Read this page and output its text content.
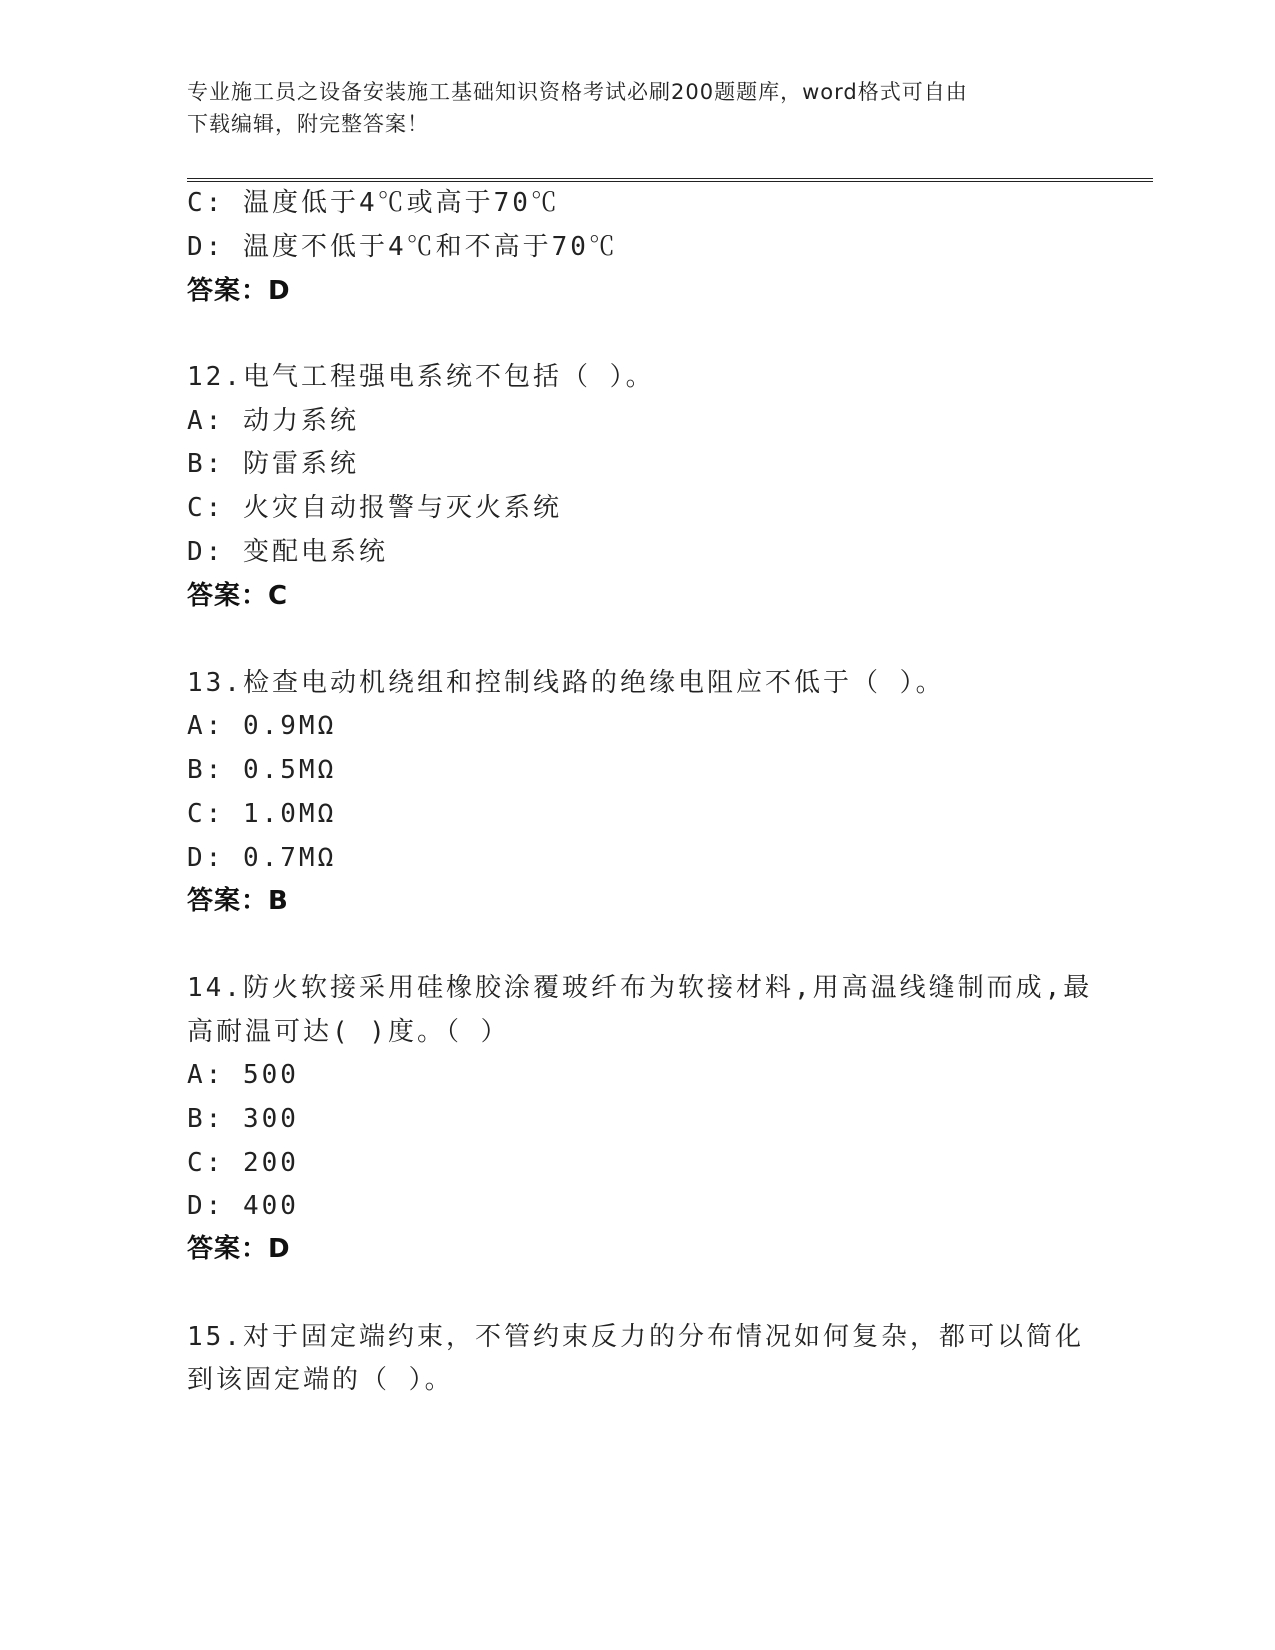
专业施工员之设备安装施工基础知识资格考试必刷200题题库，word格式可自由
下载编辑，附完整答案！
C: 温度低于4℃或高于70℃
D: 温度不低于4℃和不高于70℃
答案：D
12.电气工程强电系统不包括（ ）。
A: 动力系统
B: 防雷系统
C: 火灾自动报警与灭火系统
D: 变配电系统
答案：C
13.检查电动机绕组和控制线路的绝缘电阻应不低于（ ）。
A: 0.9MΩ
B: 0.5MΩ
C: 1.0MΩ
D: 0.7MΩ
答案：B
14.防火软接采用硅橡胶涂覆玻纤布为软接材料,用高温线缝制而成,最
高耐温可达( )度。（ ）
A: 500
B: 300
C: 200
D: 400
答案：D
15.对于固定端约束，不管约束反力的分布情况如何复杂，都可以简化
到该固定端的（ ）。
